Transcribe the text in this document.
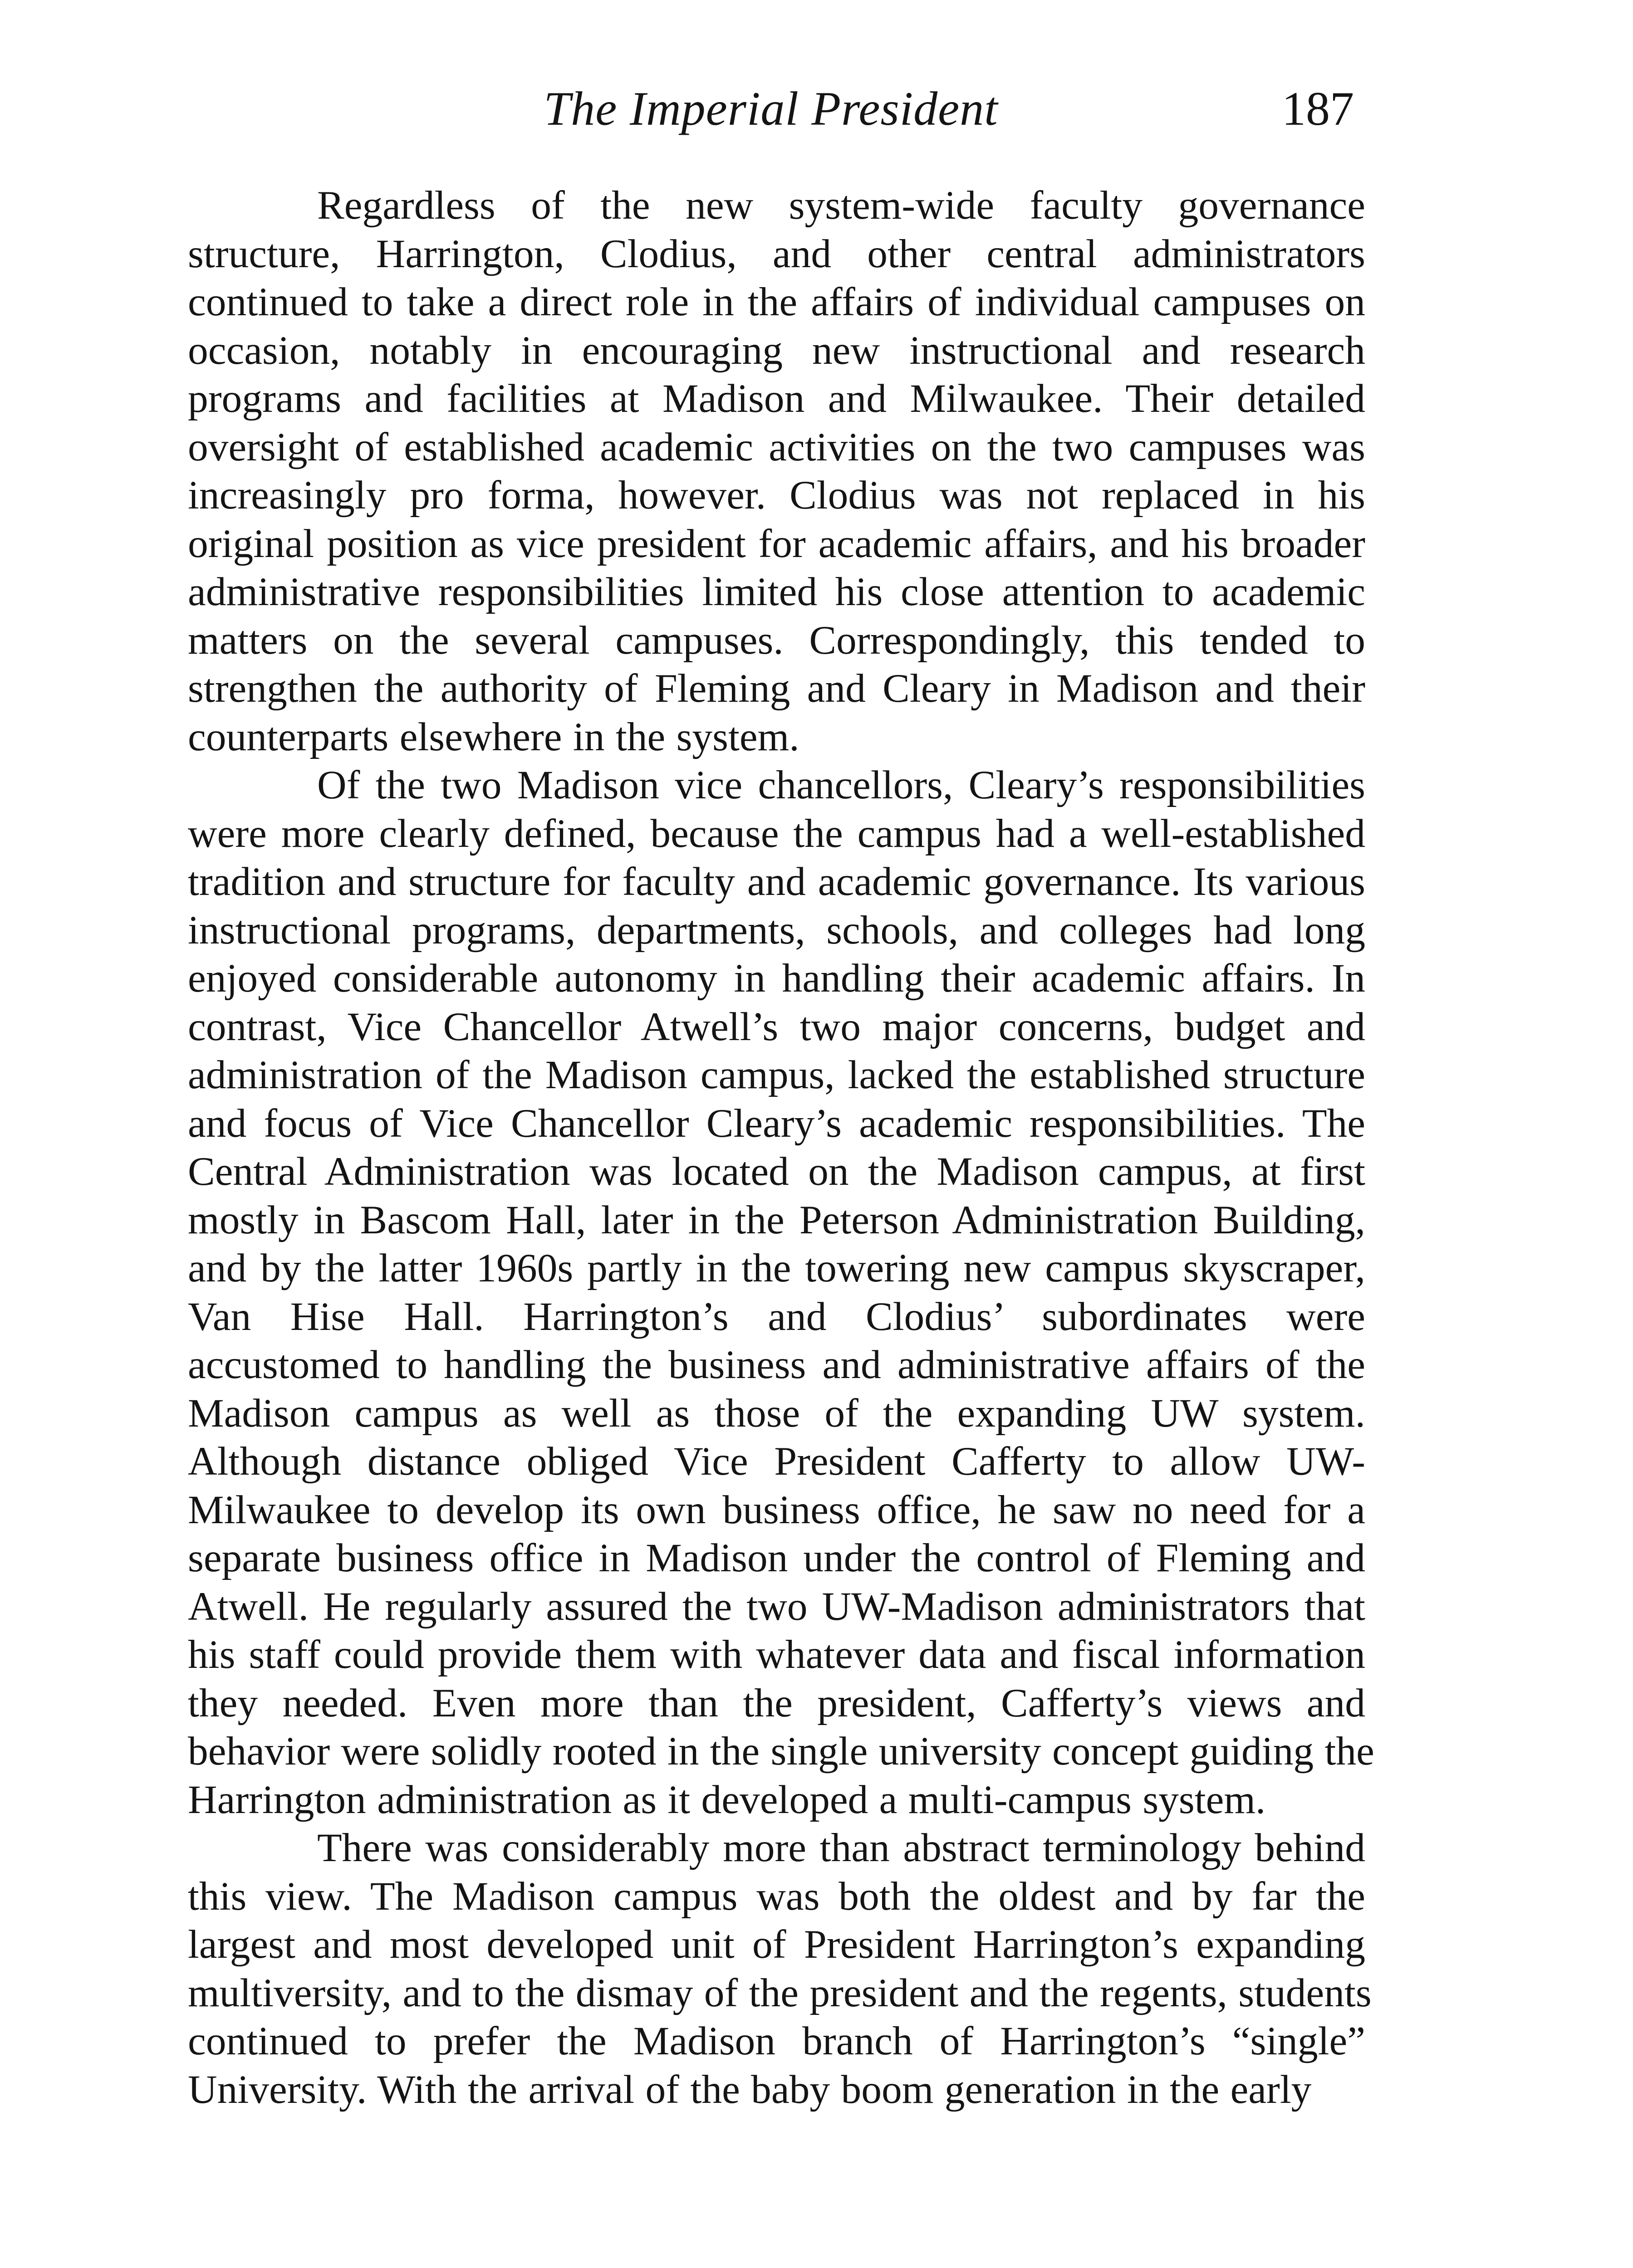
The Imperial President	187
Regardless of the new system-wide faculty governance
structure, Harrington, Clodius, and other central administrators
continued to take a direct role in the affairs of individual campuses on
occasion, notably in encouraging new instructional and research
programs and facilities at Madison and Milwaukee. Their detailed
oversight of established academic activities on the two campuses was
increasingly pro forma, however. Clodius was not replaced in his
original position as vice president for academic affairs, and his broader
administrative responsibilities limited his close attention to academic
matters on the several campuses. Correspondingly, this tended to
strengthen the authority of Fleming and Cleary in Madison and their
counterparts elsewhere in the system.
Of the two Madison vice chancellors, Cleary’s responsibilities
were more clearly defined, because the campus had a well-established
tradition and structure for faculty and academic governance. Its various
instructional programs, departments, schools, and colleges had long
enjoyed considerable autonomy in handling their academic affairs. In
contrast, Vice Chancellor Atwell’s two major concerns, budget and
administration of the Madison campus, lacked the established structure
and focus of Vice Chancellor Cleary’s academic responsibilities. The
Central Administration was located on the Madison campus, at first
mostly in Bascom Hall, later in the Peterson Administration Building,
and by the latter 1960s partly in the towering new campus skyscraper,
Van Hise Hall. Harrington’s and Clodius’ subordinates were
accustomed to handling the business and administrative affairs of the
Madison campus as well as those of the expanding UW system.
Although distance obliged Vice President Cafferty to allow UW-
Milwaukee to develop its own business office, he saw no need for a
separate business office in Madison under the control of Fleming and
Atwell. He regularly assured the two UW-Madison administrators that
his staff could provide them with whatever data and fiscal information
they needed. Even more than the president, Cafferty’s views and
behavior were solidly rooted in the single university concept guiding the
Harrington administration as it developed a multi-campus system.
There was considerably more than abstract terminology behind
this view. The Madison campus was both the oldest and by far the
largest and most developed unit of President Harrington’s expanding
multiversity, and to the dismay of the president and the regents, students
continued to prefer the Madison branch of Harrington’s “single”
University. With the arrival of the baby boom generation in the early
